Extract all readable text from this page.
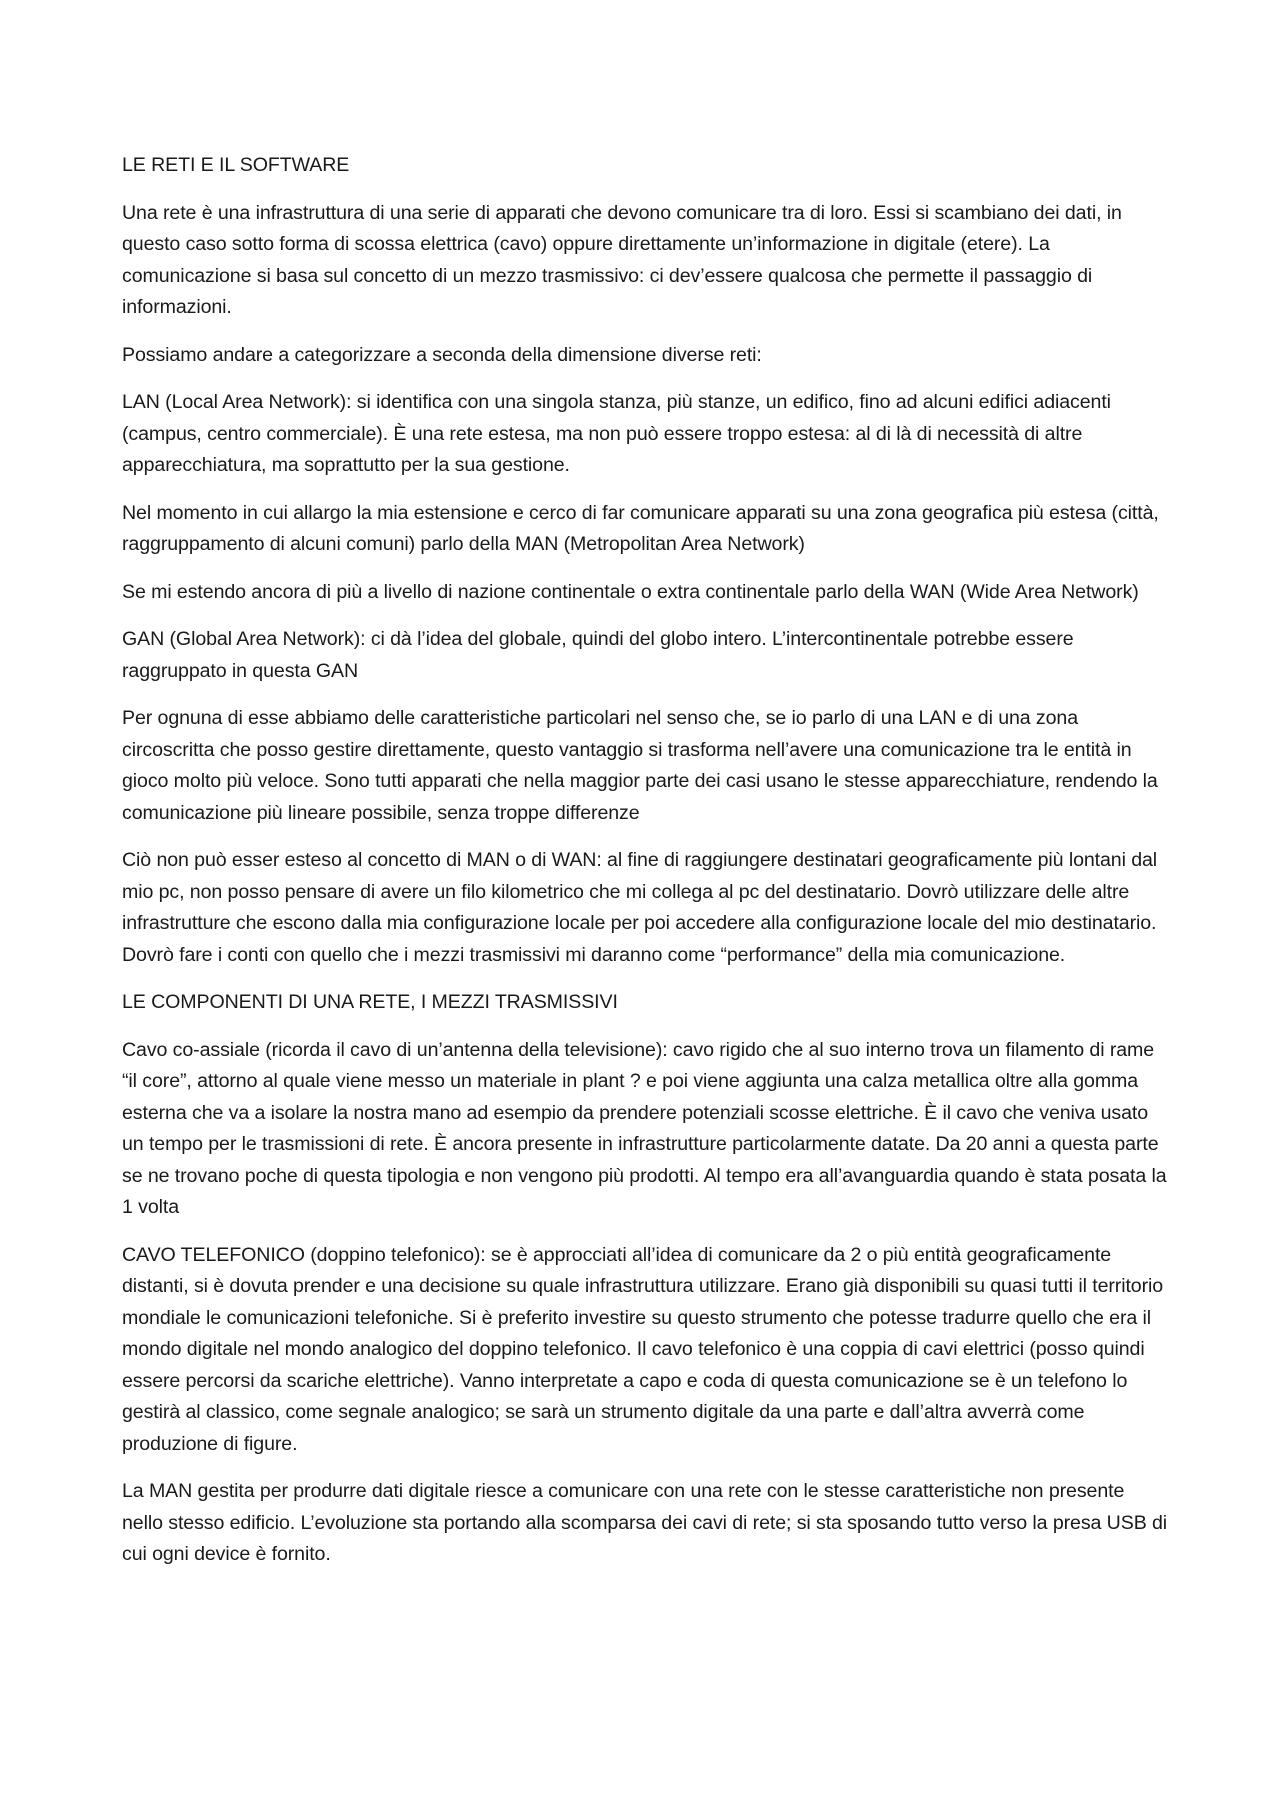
LE RETI E IL SOFTWARE

Una rete è una infrastruttura di una serie di apparati che devono comunicare tra di loro. Essi si scambiano dei dati, in questo caso sotto forma di scossa elettrica (cavo) oppure direttamente un’informazione in digitale (etere). La comunicazione si basa sul concetto di un mezzo trasmissivo: ci dev’essere qualcosa che permette il passaggio di informazioni.

Possiamo andare a categorizzare a seconda della dimensione diverse reti:

LAN (Local Area Network): si identifica con una singola stanza, più stanze, un edifico, fino ad alcuni edifici adiacenti (campus, centro commerciale). È una rete estesa, ma non può essere troppo estesa: al di là di necessità di altre apparecchiatura, ma soprattutto per la sua gestione.

Nel momento in cui allargo la mia estensione e cerco di far comunicare apparati su una zona geografica più estesa (città, raggruppamento di alcuni comuni) parlo della MAN (Metropolitan Area Network)

Se mi estendo ancora di più a livello di nazione continentale o extra continentale parlo della WAN (Wide Area Network)

GAN (Global Area Network): ci dà l’idea del globale, quindi del globo intero. L’intercontinentale potrebbe essere raggruppato in questa GAN

Per ognuna di esse abbiamo delle caratteristiche particolari nel senso che, se io parlo di una LAN e di una zona circoscritta che posso gestire direttamente, questo vantaggio si trasforma nell’avere una comunicazione tra le entità in gioco molto più veloce. Sono tutti apparati che nella maggior parte dei casi usano le stesse apparecchiature, rendendo la comunicazione più lineare possibile, senza troppe differenze

Ciò non può esser esteso al concetto di MAN o di WAN: al fine di raggiungere destinatari geograficamente più lontani dal mio pc, non posso pensare di avere un filo kilometrico che mi collega al pc del destinatario. Dovrò utilizzare delle altre infrastrutture che escono dalla mia configurazione locale per poi accedere alla configurazione locale del mio destinatario. Dovrò fare i conti con quello che i mezzi trasmissivi mi daranno come “performance” della mia comunicazione.

LE COMPONENTI DI UNA RETE, I MEZZI TRASMISSIVI

Cavo co-assiale (ricorda il cavo di un’antenna della televisione): cavo rigido che al suo interno trova un filamento di rame “il core”, attorno al quale viene messo un materiale in plant ? e poi viene aggiunta una calza metallica oltre alla gomma esterna che va a isolare la nostra mano ad esempio da prendere potenziali scosse elettriche. È il cavo che veniva usato un tempo per le trasmissioni di rete. È ancora presente in infrastrutture particolarmente datate. Da 20 anni a questa parte se ne trovano poche di questa tipologia e non vengono più prodotti. Al tempo era all’avanguardia quando è stata posata la 1 volta

CAVO TELEFONICO (doppino telefonico): se è approcciati all’idea di comunicare da 2 o più entità geograficamente distanti, si è dovuta prender e una decisione su quale infrastruttura utilizzare. Erano già disponibili su quasi tutti il territorio mondiale le comunicazioni telefoniche. Si è preferito investire su questo strumento che potesse tradurre quello che era il mondo digitale nel mondo analogico del doppino telefonico. Il cavo telefonico è una coppia di cavi elettrici (posso quindi essere percorsi da scariche elettriche). Vanno interpretate a capo e coda di questa comunicazione se è un telefono lo gestirà al classico, come segnale analogico; se sarà un strumento digitale da una parte e dall’altra avverrà come produzione di figure.

La MAN gestita per produrre dati digitale riesce a comunicare con una rete con le stesse caratteristiche non presente nello stesso edificio. L’evoluzione sta portando alla scomparsa dei cavi di rete; si sta sposando tutto verso la presa USB di cui ogni device è fornito.
